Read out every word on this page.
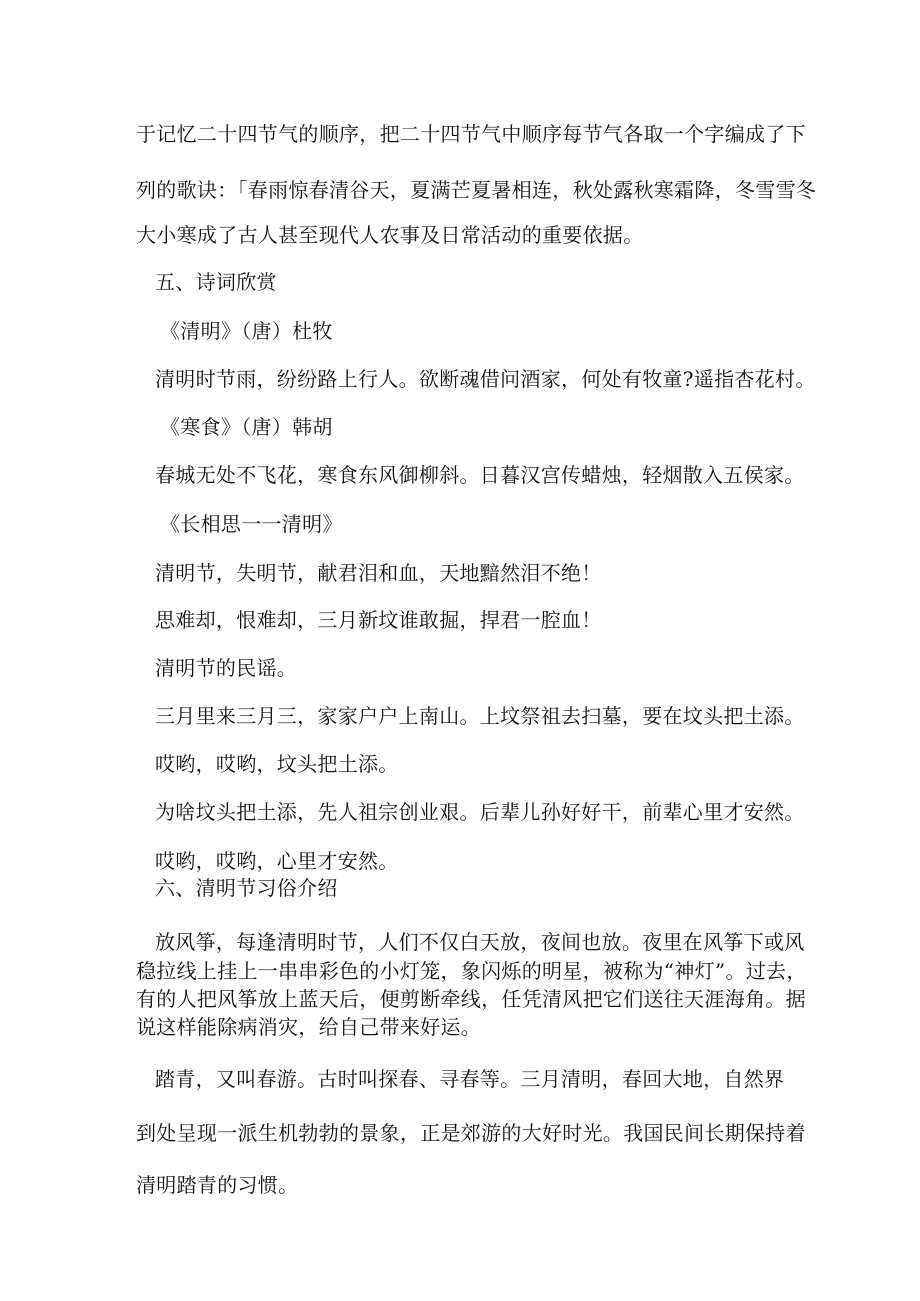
于记忆二十四节气的顺序，把二十四节气中顺序每节气各取一个字编成了下
列的歌诀：「春雨惊春清谷天，夏满芒夏暑相连，秋处露秋寒霜降，冬雪雪冬
大小寒成了古人甚至现代人农事及日常活动的重要依据。
五、诗词欣赏
《清明》（唐）杜牧
清明时节雨，纷纷路上行人。欲断魂借问酒家，何处有牧童?遥指杏花村。
《寒食》（唐）韩胡
春城无处不飞花，寒食东风御柳斜。日暮汉宫传蜡烛，轻烟散入五侯家。
《长相思一一清明》
清明节，失明节，献君泪和血，天地黯然泪不绝！
思难却，恨难却，三月新坟谁敢掘，捍君一腔血！
清明节的民谣。
三月里来三月三，家家户户上南山。上坟祭祖去扫墓，要在坟头把土添。
哎哟，哎哟，坟头把土添。
为啥坟头把土添，先人祖宗创业艰。后辈儿孙好好干，前辈心里才安然。
哎哟，哎哟，心里才安然。
六、清明节习俗介绍
放风筝，每逢清明时节，人们不仅白天放，夜间也放。夜里在风筝下或风
稳拉线上挂上一串串彩色的小灯笼，象闪烁的明星，被称为“神灯”。过去，
有的人把风筝放上蓝天后，便剪断牵线，任凭清风把它们送往天涯海角。据
说这样能除病消灾，给自己带来好运。
踏青，又叫春游。古时叫探春、寻春等。三月清明，春回大地，自然界
到处呈现一派生机勃勃的景象，正是郊游的大好时光。我国民间长期保持着
清明踏青的习惯。
